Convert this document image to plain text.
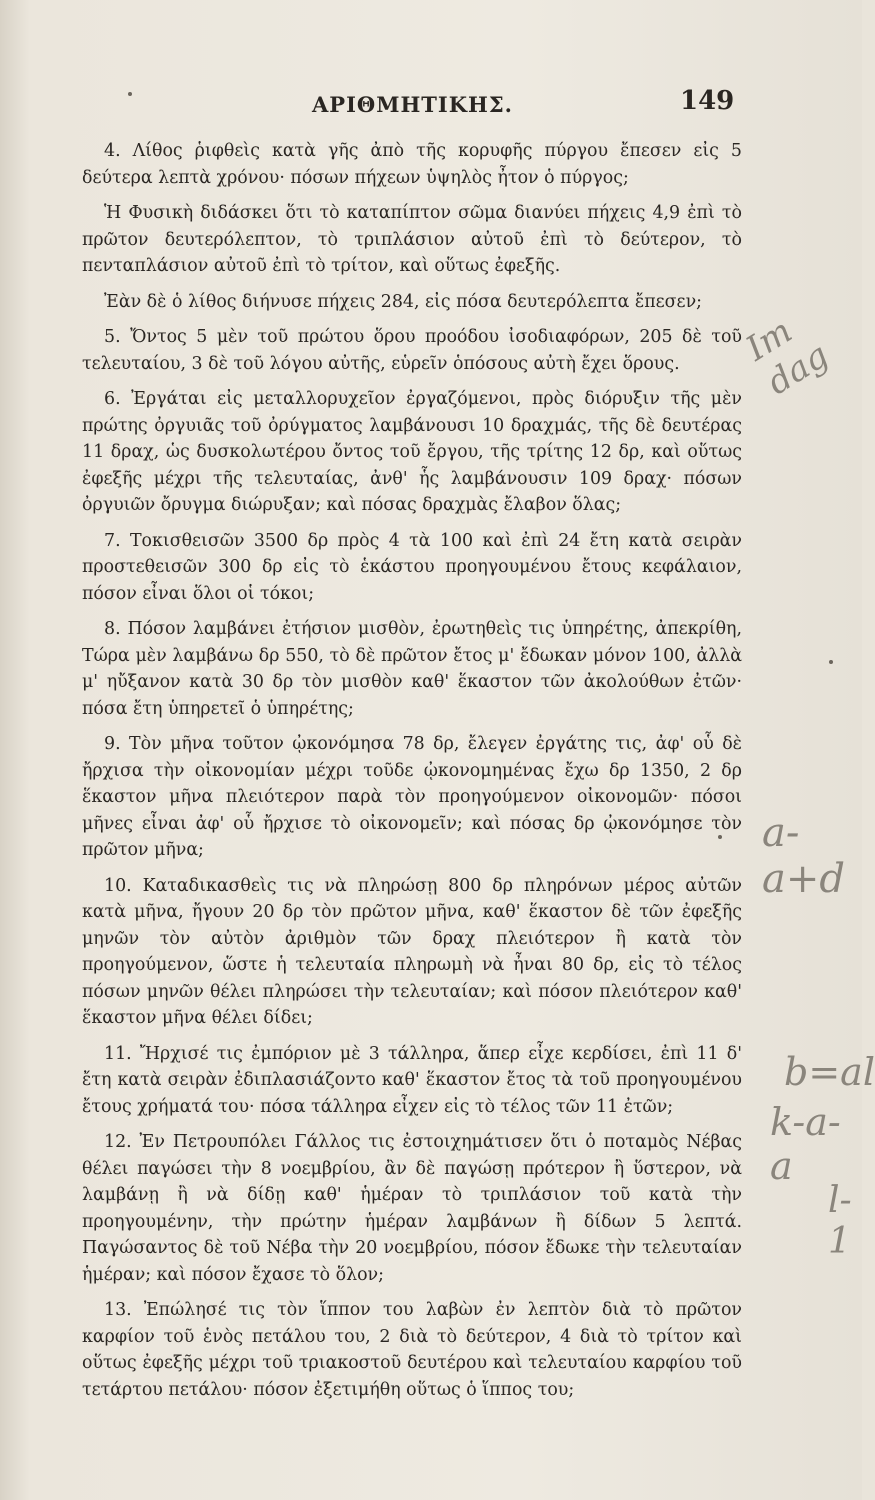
ΑΡΙΘΜΗΤΙΚΗΣ.	149

4. Λίθος ῥιφθεὶς κατὰ γῆς ἀπὸ τῆς κορυφῆς πύργου ἔπεσεν εἰς 5 δεύτερα λεπτὰ χρόνου· πόσων πήχεων ὑψηλὸς ἦτον ὁ πύργος;

Ἡ Φυσικὴ διδάσκει ὅτι τὸ καταπίπτον σῶμα διανύει πήχεις 4,9 ἐπὶ τὸ πρῶτον δευτερόλεπτον, τὸ τριπλάσιον αὐτοῦ ἐπὶ τὸ δεύτερον, τὸ πενταπλάσιον αὐτοῦ ἐπὶ τὸ τρίτον, καὶ οὕτως ἐφεξῆς.

Ἐὰν δὲ ὁ λίθος διήνυσε πήχεις 284, εἰς πόσα δευτερόλεπτα ἔπεσεν;

5. Ὄντος 5 μὲν τοῦ πρώτου ὅρου προόδου ἰσοδιαφόρων, 205 δὲ τοῦ τελευταίου, 3 δὲ τοῦ λόγου αὐτῆς, εὑρεῖν ὁπόσους αὐτὴ ἔχει ὅρους.

6. Ἐργάται εἰς μεταλλορυχεῖον ἐργαζόμενοι, πρὸς διόρυξιν τῆς μὲν πρώτης ὀργυιᾶς τοῦ ὀρύγματος λαμβάνουσι 10 δραχμάς, τῆς δὲ δευτέρας 11 δραχ, ὡς δυσκολωτέρου ὄντος τοῦ ἔργου, τῆς τρίτης 12 δρ, καὶ οὕτως ἐφεξῆς μέχρι τῆς τελευταίας, ἀνθ' ἧς λαμβάνουσιν 109 δραχ· πόσων ὀργυιῶν ὄρυγμα διώρυξαν; καὶ πόσας δραχμὰς ἔλαβον ὅλας;

7. Τοκισθεισῶν 3500 δρ πρὸς 4 τὰ 100 καὶ ἐπὶ 24 ἔτη κατὰ σειρὰν προστεθεισῶν 300 δρ εἰς τὸ ἑκάστου προηγουμένου ἔτους κεφάλαιον, πόσον εἶναι ὅλοι οἱ τόκοι;

8. Πόσον λαμβάνει ἐτήσιον μισθὸν, ἐρωτηθεὶς τις ὑπηρέτης, ἀπεκρίθη, Τώρα μὲν λαμβάνω δρ 550, τὸ δὲ πρῶτον ἔτος μ' ἔδωκαν μόνον 100, ἀλλὰ μ' ηὔξανον κατὰ 30 δρ τὸν μισθὸν καθ' ἕκαστον τῶν ἀκολούθων ἐτῶν· πόσα ἔτη ὑπηρετεῖ ὁ ὑπηρέτης;

9. Τὸν μῆνα τοῦτον ᾠκονόμησα 78 δρ, ἔλεγεν ἐργάτης τις, ἀφ' οὗ δὲ ἤρχισα τὴν οἰκονομίαν μέχρι τοῦδε ᾠκονομημένας ἔχω δρ 1350, 2 δρ ἕκαστον μῆνα πλειότερον παρὰ τὸν προηγούμενον οἰκονομῶν· πόσοι μῆνες εἶναι ἀφ' οὗ ἤρχισε τὸ οἰκονομεῖν; καὶ πόσας δρ ᾠκονόμησε τὸν πρῶτον μῆνα;

10. Καταδικασθεὶς τις νὰ πληρώσῃ 800 δρ πληρόνων μέρος αὐτῶν κατὰ μῆνα, ἤγουν 20 δρ τὸν πρῶτον μῆνα, καθ' ἕκαστον δὲ τῶν ἐφεξῆς μηνῶν τὸν αὐτὸν ἀριθμὸν τῶν δραχ πλειότερον ἢ κατὰ τὸν προηγούμενον, ὥστε ἡ τελευταία πληρωμὴ νὰ ἦναι 80 δρ, εἰς τὸ τέλος πόσων μηνῶν θέλει πληρώσει τὴν τελευταίαν; καὶ πόσον πλειότερον καθ' ἕκαστον μῆνα θέλει δίδει;

11. Ἤρχισέ τις ἐμπόριον μὲ 3 τάλληρα, ἅπερ εἶχε κερδίσει, ἐπὶ 11 δ' ἔτη κατὰ σειρὰν ἐδιπλασιάζοντο καθ' ἕκαστον ἔτος τὰ τοῦ προηγουμένου ἔτους χρήματά του· πόσα τάλληρα εἶχεν εἰς τὸ τέλος τῶν 11 ἐτῶν;

12. Ἐν Πετρουπόλει Γάλλος τις ἐστοιχημάτισεν ὅτι ὁ ποταμὸς Νέβας θέλει παγώσει τὴν 8 νοεμβρίου, ἂν δὲ παγώσῃ πρότερον ἢ ὕστερον, νὰ λαμβάνῃ ἢ νὰ δίδῃ καθ' ἡμέραν τὸ τριπλάσιον τοῦ κατὰ τὴν προηγουμένην, τὴν πρώτην ἡμέραν λαμβάνων ἢ δίδων 5 λεπτά. Παγώσαντος δὲ τοῦ Νέβα τὴν 20 νοεμβρίου, πόσον ἔδωκε τὴν τελευταίαν ἡμέραν; καὶ πόσον ἔχασε τὸ ὅλον;

13. Ἐπώλησέ τις τὸν ἵππον του λαβὼν ἐν λεπτὸν διὰ τὸ πρῶτον καρφίον τοῦ ἑνὸς πετάλου του, 2 διὰ τὸ δεύτερον, 4 διὰ τὸ τρίτον καὶ οὕτως ἐφεξῆς μέχρι τοῦ τριακοστοῦ δευτέρου καὶ τελευταίου καρφίου τοῦ τετάρτου πετάλου· πόσον ἐξετιμήθη οὕτως ὁ ἵππος του;

Im dag
a-a+d
b=al
k-a-a
l-1
